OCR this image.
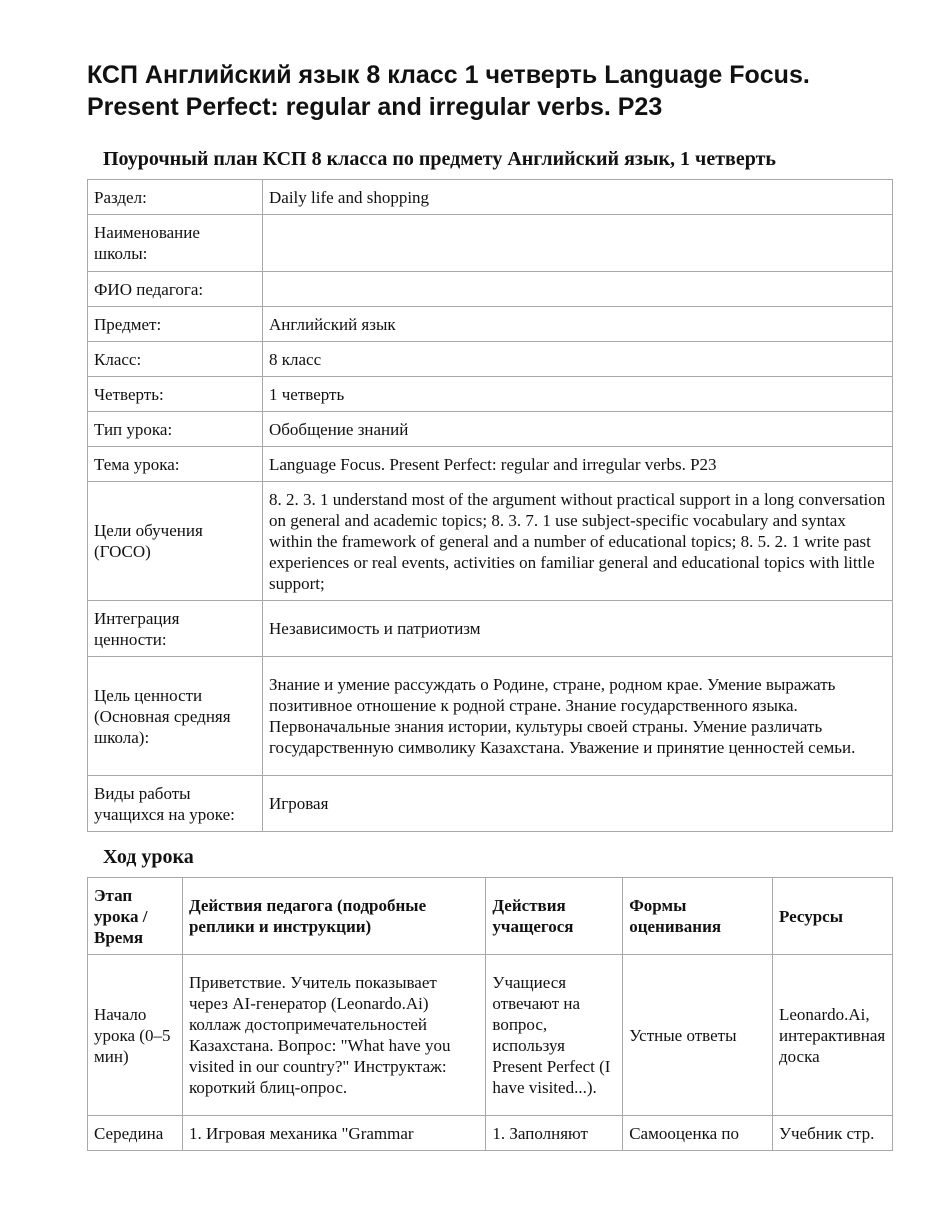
КСП Английский язык 8 класс 1 четверть Language Focus. Present Perfect: regular and irregular verbs. P23
Поурочный план КСП 8 класса по предмету Английский язык, 1 четверть
Раздел:	Daily life and shopping
Наименование школы:	
ФИО педагога:	
Предмет:	Английский язык
Класс:	8 класс
Четверть:	1 четверть
Тип урока:	Обобщение знаний
Тема урока:	Language Focus. Present Perfect: regular and irregular verbs. P23
Цели обучения (ГОСО)	8. 2. 3. 1 understand most of the argument without practical support in a long conversation on general and academic topics; 8. 3. 7. 1 use subject-specific vocabulary and syntax within the framework of general and a number of educational topics; 8. 5. 2. 1 write past experiences or real events, activities on familiar general and educational topics with little support;
Интеграция ценности:	Независимость и патриотизм
Цель ценности (Основная средняя школа):	Знание и умение рассуждать о Родине, стране, родном крае. Умение выражать позитивное отношение к родной стране. Знание государственного языка. Первоначальные знания истории, культуры своей страны. Умение различать государственную символику Казахстана. Уважение и принятие ценностей семьи.
Виды работы учащихся на уроке:	Игровая
Ход урока
Этап урока / Время	Действия педагога (подробные реплики и инструкции)	Действия учащегося	Формы оценивания	Ресурсы
Начало урока (0–5 мин)	Приветствие. Учитель показывает через AI-генератор (Leonardo.Ai) коллаж достопримечательностей Казахстана. Вопрос: "What have you visited in our country?" Инструктаж: короткий блиц-опрос.	Учащиеся отвечают на вопрос, используя Present Perfect (I have visited...).	Устные ответы	Leonardo.Ai, интерактивная доска
Середина	1. Игровая механика "Grammar	1. Заполняют	Самооценка по	Учебник стр.
